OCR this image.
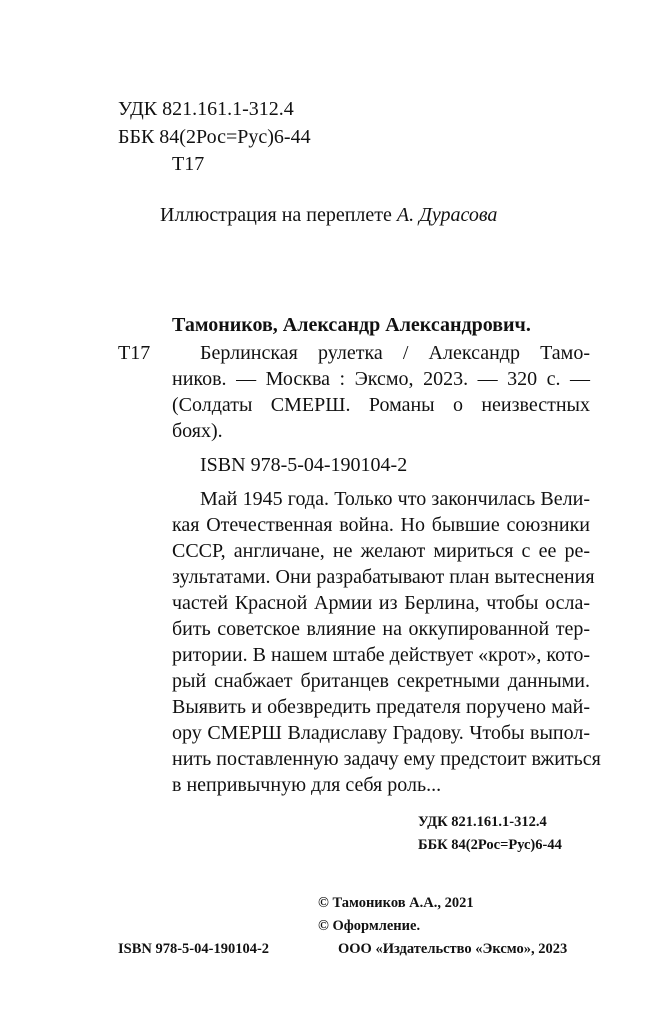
УДК 821.161.1-312.4
ББК 84(2Рос=Рус)6-44
Т17
Иллюстрация на переплете А. Дурасова
Тамоников, Александр Александрович.
Т17 Берлинская рулетка / Александр Тамо-
ников. — Москва : Эксмо, 2023. — 320 с. —
(Солдаты СМЕРШ. Романы о неизвестных
боях).
ISBN 978-5-04-190104-2
Май 1945 года. Только что закончилась Вели-
кая Отечественная война. Но бывшие союзники
СССР, англичане, не желают мириться с ее ре-
зультатами. Они разрабатывают план вытеснения
частей Красной Армии из Берлина, чтобы осла-
бить советское влияние на оккупированной тер-
ритории. В нашем штабе действует «крот», кото-
рый снабжает британцев секретными данными.
Выявить и обезвредить предателя поручено май-
ору СМЕРШ Владиславу Градову. Чтобы выпол-
нить поставленную задачу ему предстоит вжиться
в непривычную для себя роль...
УДК 821.161.1-312.4
ББК 84(2Рос=Рус)6-44
© Тамоников А.А., 2021
© Оформление.
ISBN 978-5-04-190104-2	ООО «Издательство «Эксмо», 2023
